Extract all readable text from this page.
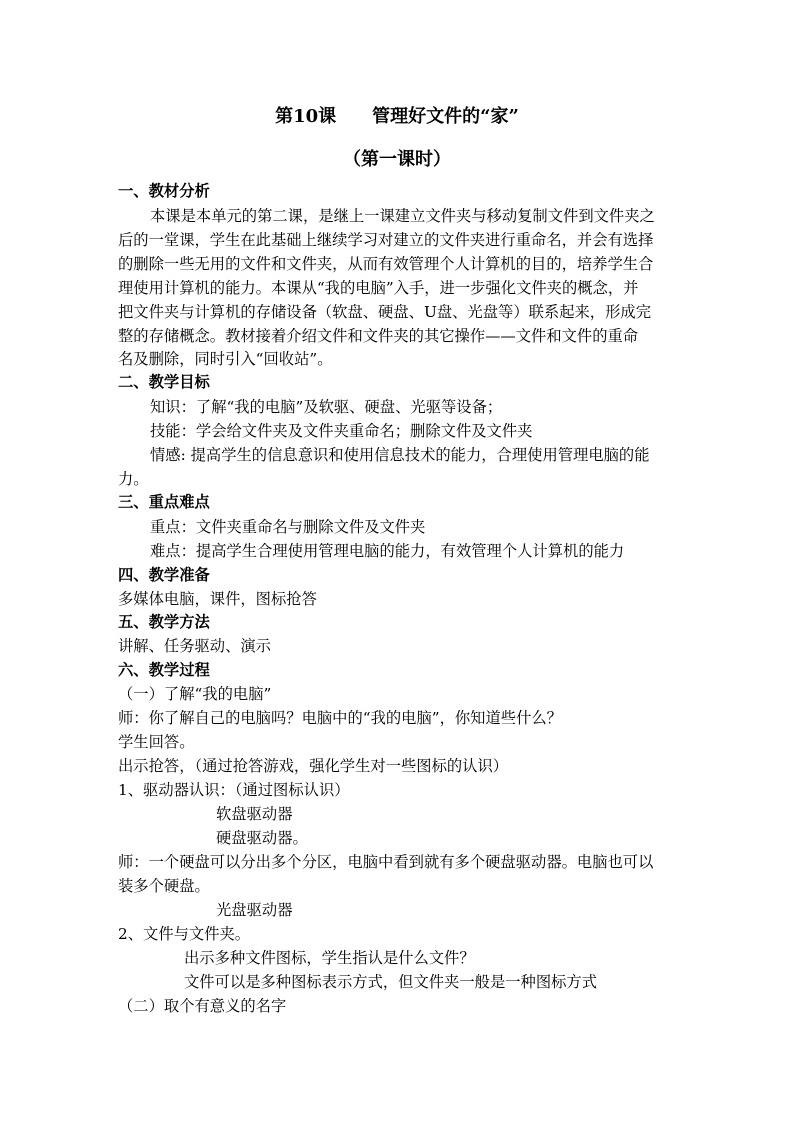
第10课　　管理好文件的“家”
（第一课时）
一、教材分析
本课是本单元的第二课，是继上一课建立文件夹与移动复制文件到文件夹之
后的一堂课，学生在此基础上继续学习对建立的文件夹进行重命名，并会有选择
的删除一些无用的文件和文件夹，从而有效管理个人计算机的目的，培养学生合
理使用计算机的能力。本课从“我的电脑”入手，进一步强化文件夹的概念，并
把文件夹与计算机的存储设备（软盘、硬盘、U盘、光盘等）联系起来，形成完
整的存储概念。教材接着介绍文件和文件夹的其它操作——文件和文件的重命
名及删除，同时引入“回收站”。
二、教学目标
知识：了解“我的电脑”及软驱、硬盘、光驱等设备；
技能：学会给文件夹及文件夹重命名；删除文件及文件夹
情感: 提高学生的信息意识和使用信息技术的能力，合理使用管理电脑的能
力。
三、重点难点
重点：文件夹重命名与删除文件及文件夹
难点：提高学生合理使用管理电脑的能力，有效管理个人计算机的能力
四、教学准备
多媒体电脑，课件，图标抢答
五、教学方法
讲解、任务驱动、演示
六、教学过程
（一）了解“我的电脑”
师：你了解自己的电脑吗？电脑中的“我的电脑”，你知道些什么？
学生回答。
出示抢答，（通过抢答游戏，强化学生对一些图标的认识）
1、驱动器认识：（通过图标认识）
软盘驱动器
硬盘驱动器。
师：一个硬盘可以分出多个分区，电脑中看到就有多个硬盘驱动器。电脑也可以
装多个硬盘。
光盘驱动器
2、文件与文件夹。
出示多种文件图标，学生指认是什么文件？
文件可以是多种图标表示方式，但文件夹一般是一种图标方式
（二）取个有意义的名字
